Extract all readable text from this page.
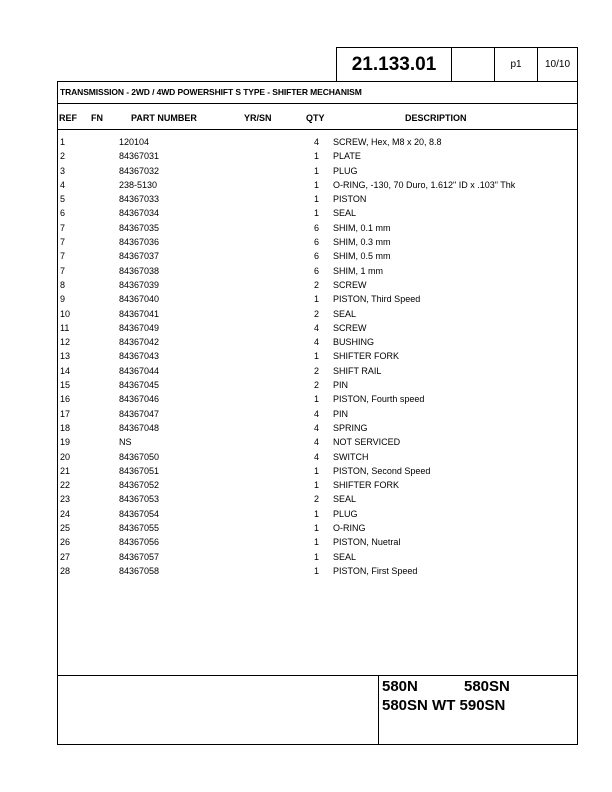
21.133.01	p1	10/10
TRANSMISSION - 2WD / 4WD POWERSHIFT S TYPE - SHIFTER MECHANISM
REF FN	PART NUMBER	YR/SN	QTY	DESCRIPTION
1	120104	4 SCREW, Hex, M8 x 20, 8.8
2	84367031	1 PLATE
3	84367032	1 PLUG
4	238-5130	1 O-RING, -130, 70 Duro, 1.612" ID x .103" Thk
5	84367033	1 PISTON
6	84367034	1 SEAL
7	84367035	6 SHIM, 0.1 mm
7	84367036	6 SHIM, 0.3 mm
7	84367037	6 SHIM, 0.5 mm
7	84367038	6 SHIM, 1 mm
8	84367039	2 SCREW
9	84367040	1 PISTON, Third Speed
10	84367041	2 SEAL
11	84367049	4 SCREW
12	84367042	4 BUSHING
13	84367043	1 SHIFTER FORK
14	84367044	2 SHIFT RAIL
15	84367045	2 PIN
16	84367046	1 PISTON, Fourth speed
17	84367047	4 PIN
18	84367048	4 SPRING
19	NS	4 NOT SERVICED
20	84367050	4 SWITCH
21	84367051	1 PISTON, Second Speed
22	84367052	1 SHIFTER FORK
23	84367053	2 SEAL
24	84367054	1 PLUG
25	84367055	1 O-RING
26	84367056	1 PISTON, Nuetral
27	84367057	1 SEAL
28	84367058	1 PISTON, First Speed
580N	580SN
580SN WT 590SN
